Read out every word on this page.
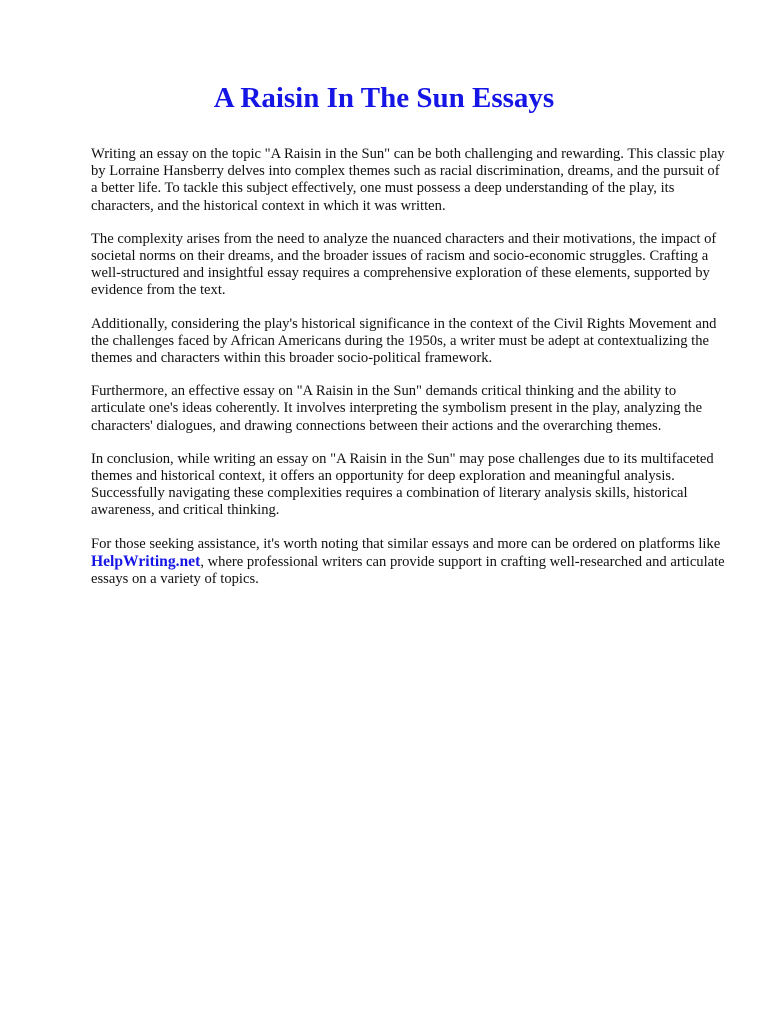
A Raisin In The Sun Essays

Writing an essay on the topic "A Raisin in the Sun" can be both challenging and rewarding. This classic play by Lorraine Hansberry delves into complex themes such as racial discrimination, dreams, and the pursuit of a better life. To tackle this subject effectively, one must possess a deep understanding of the play, its characters, and the historical context in which it was written.

The complexity arises from the need to analyze the nuanced characters and their motivations, the impact of societal norms on their dreams, and the broader issues of racism and socio-economic struggles. Crafting a well-structured and insightful essay requires a comprehensive exploration of these elements, supported by evidence from the text.

Additionally, considering the play's historical significance in the context of the Civil Rights Movement and the challenges faced by African Americans during the 1950s, a writer must be adept at contextualizing the themes and characters within this broader socio-political framework.

Furthermore, an effective essay on "A Raisin in the Sun" demands critical thinking and the ability to articulate one's ideas coherently. It involves interpreting the symbolism present in the play, analyzing the characters' dialogues, and drawing connections between their actions and the overarching themes.

In conclusion, while writing an essay on "A Raisin in the Sun" may pose challenges due to its multifaceted themes and historical context, it offers an opportunity for deep exploration and meaningful analysis. Successfully navigating these complexities requires a combination of literary analysis skills, historical awareness, and critical thinking.

For those seeking assistance, it's worth noting that similar essays and more can be ordered on platforms like HelpWriting.net, where professional writers can provide support in crafting well-researched and articulate essays on a variety of topics.
